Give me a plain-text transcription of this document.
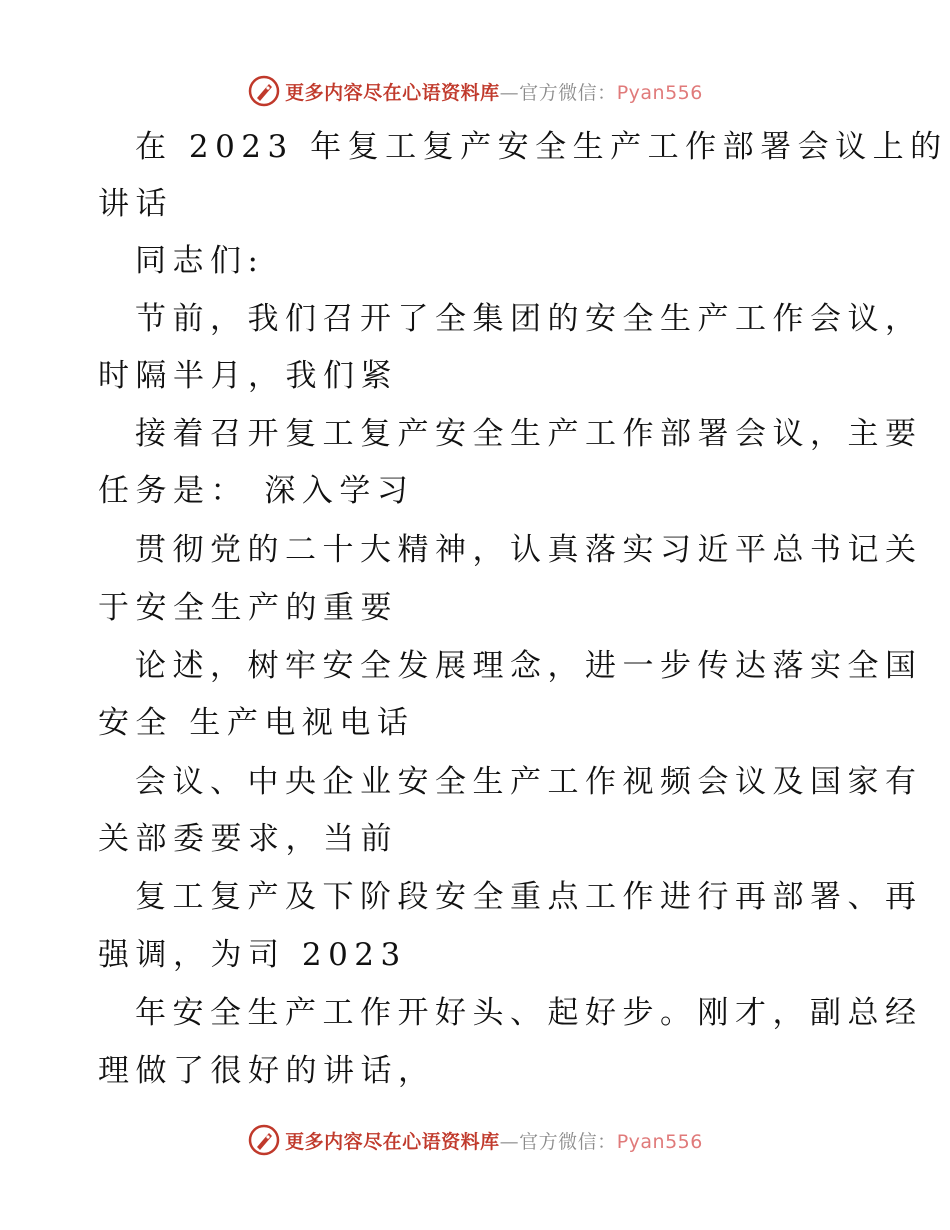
更多内容尽在心语资料库—官方微信：Pyan556
在 2023 年复工复产安全生产工作部署会议上的
讲话
同志们:
节前，我们召开了全集团的安全生产工作会议，
时隔半月，我们紧
接着召开复工复产安全生产工作部署会议，主要
任务是： 深入学习
贯彻党的二十大精神，认真落实习近平总书记关
于安全生产的重要
论述，树牢安全发展理念，进一步传达落实全国
安全 生产电视电话
会议、中央企业安全生产工作视频会议及国家有
关部委要求，当前
复工复产及下阶段安全重点工作进行再部署、再
强调，为司 2023
年安全生产工作开好头、起好步。刚才，副总经
理做了很好的讲话，
更多内容尽在心语资料库—官方微信：Pyan556
